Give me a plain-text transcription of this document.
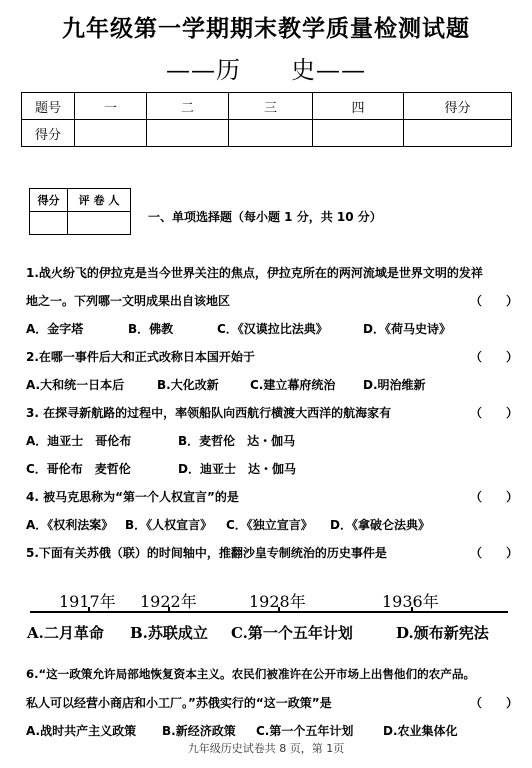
九年级第一学期期末教学质量检测试题
——历　　史——
题号	一	二	三	四	得分
得分					
得分	评 卷 人

一、单项选择题（每小题 1 分，共 10 分）
1.战火纷飞的伊拉克是当今世界关注的焦点，伊拉克所在的两河流域是世界文明的发祥
地之一。下列哪一文明成果出自该地区	（　　）
A．金字塔	B．佛教	C．《汉谟拉比法典》	D．《荷马史诗》
2.在哪一事件后大和正式改称日本国开始于	（　　）
A.大和统一日本后	B.大化改新	C.建立幕府统治 D.明治维新
3. 在探寻新航路的过程中，率领船队向西航行横渡大西洋的航海家有	（　　）
A．迪亚士　哥伦布	B．麦哲伦　达・伽马
C．哥伦布　麦哲伦	D．迪亚士　达・伽马
4. 被马克思称为“第一个人权宣言”的是	（　　）
A．《权利法案》 B．《人权宣言》 C．《独立宣言》 D．《拿破仑法典》
5.下面有关苏俄（联）的时间轴中，推翻沙皇专制统治的历史事件是	（　　）
1917年 1922年	1928年	1936年
A.二月革命 B.苏联成立 C.第一个五年计划	D.颁布新宪法
6.“这一政策允许局部地恢复资本主义。农民们被准许在公开市场上出售他们的农产品。
私人可以经营小商店和小工厂。”苏俄实行的“这一政策”是	（　　）
A.战时共产主义政策 B.新经济政策 C.第一个五年计划 D.农业集体化
九年级历史试卷共 8 页，第 1页
